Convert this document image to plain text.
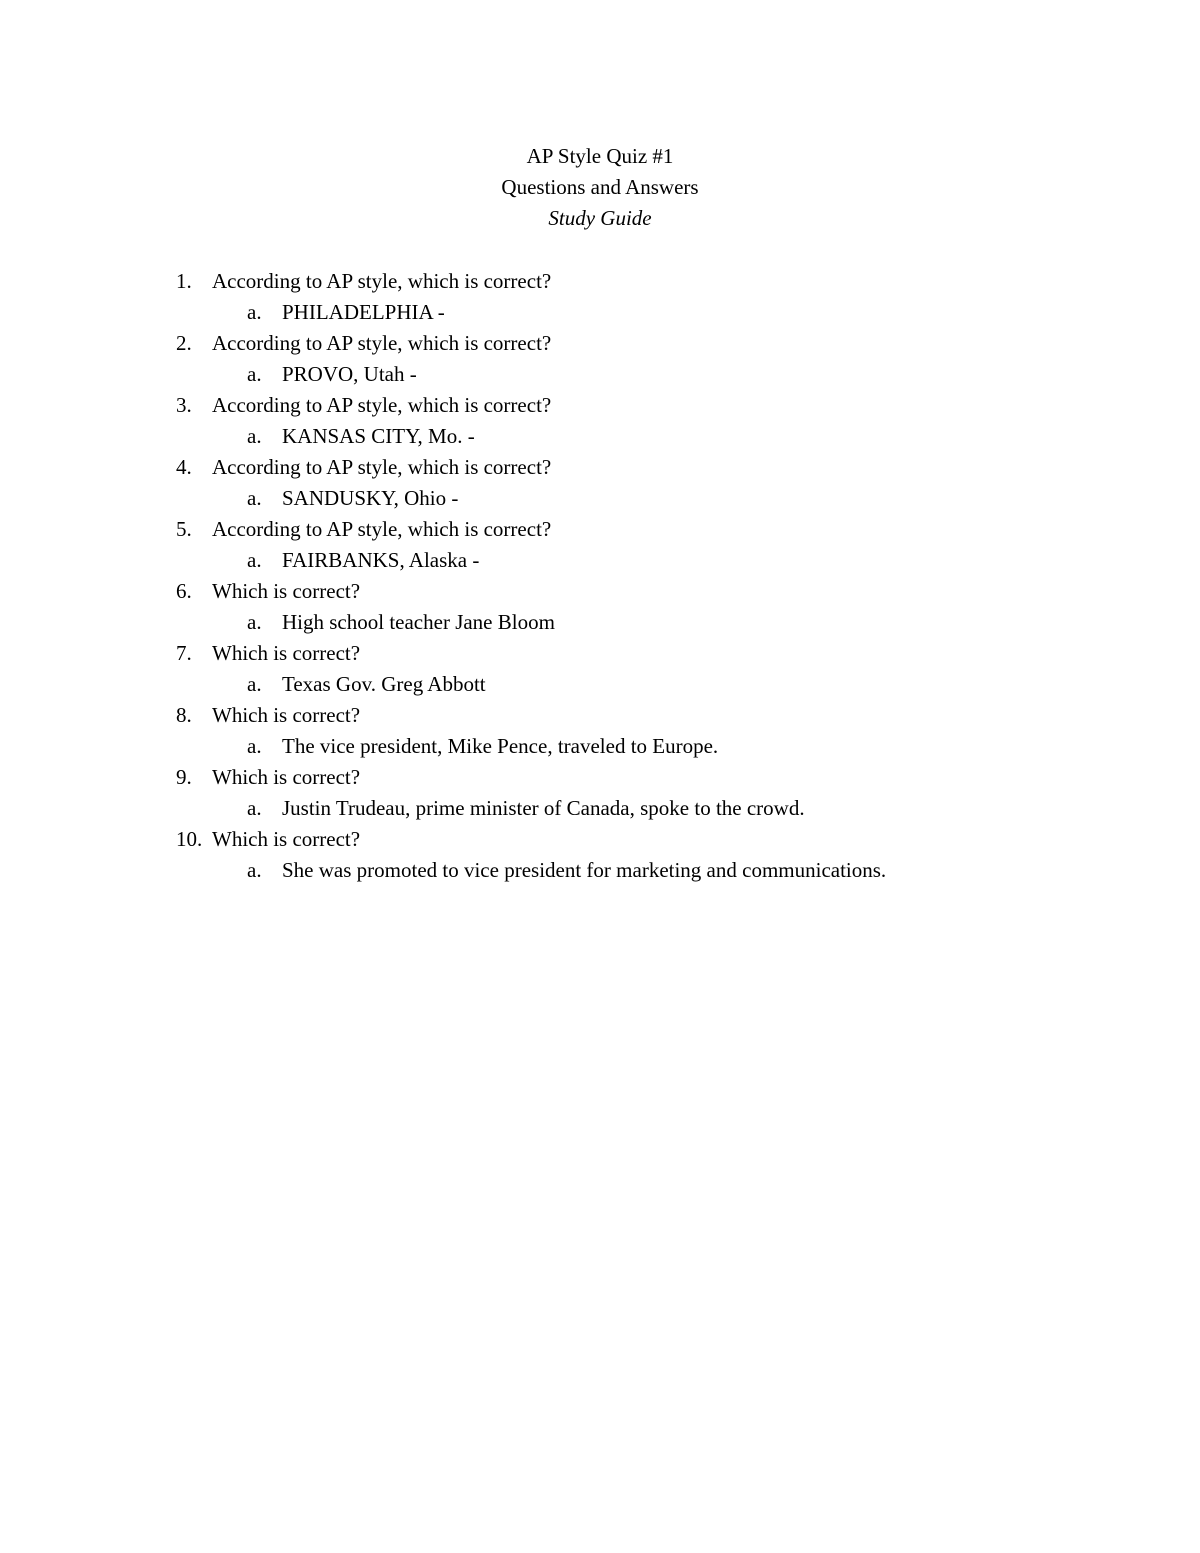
AP Style Quiz #1
Questions and Answers
Study Guide
1. According to AP style, which is correct?
a. PHILADELPHIA -
2. According to AP style, which is correct?
a. PROVO, Utah -
3. According to AP style, which is correct?
a. KANSAS CITY, Mo. -
4. According to AP style, which is correct?
a. SANDUSKY, Ohio -
5. According to AP style, which is correct?
a. FAIRBANKS, Alaska -
6. Which is correct?
a. High school teacher Jane Bloom
7. Which is correct?
a. Texas Gov. Greg Abbott
8. Which is correct?
a. The vice president, Mike Pence, traveled to Europe.
9. Which is correct?
a. Justin Trudeau, prime minister of Canada, spoke to the crowd.
10. Which is correct?
a. She was promoted to vice president for marketing and communications.
